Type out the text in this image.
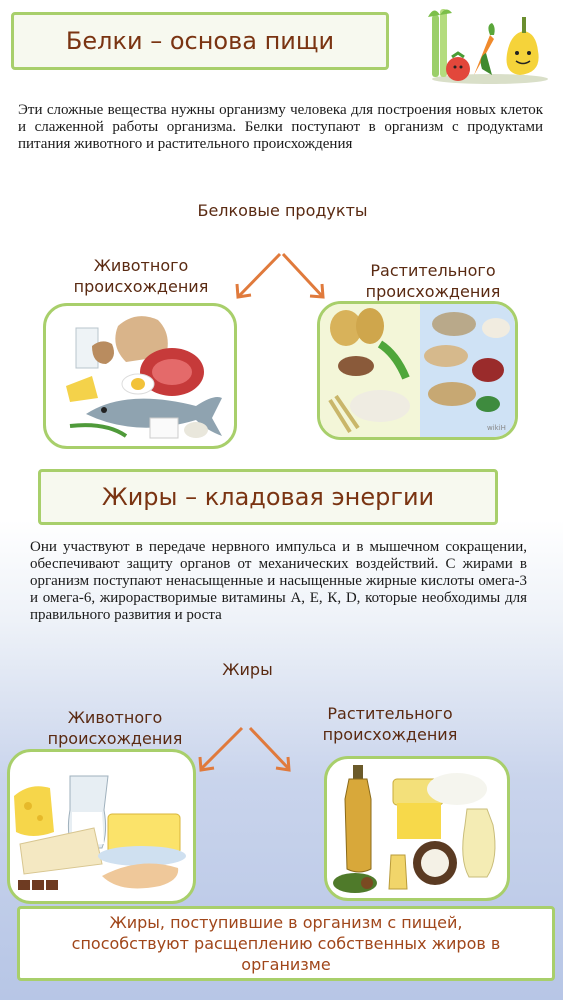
Белки – основа пищи
Эти сложные вещества нужны организму человека для построения новых клеток и слаженной работы организма. Белки поступают в организм с продуктами питания животного и растительного происхождения
Белковые продукты
Животного происхождения
Растительного происхождения
wikiH
Жиры – кладовая энергии
Они участвуют в передаче нервного импульса и в мышечном сокращении, обеспечивают защиту органов от механических воздействий. С жирами в организм поступают ненасыщенные и насыщенные жирные кислоты омега-3 и омега-6, жирорастворимые витамины А, Е, К, D, которые необходимы для правильного развития и роста
Жиры
Животного происхождения
Растительного происхождения
Жиры, поступившие в организм с пищей, способствуют расщеплению собственных жиров в организме
